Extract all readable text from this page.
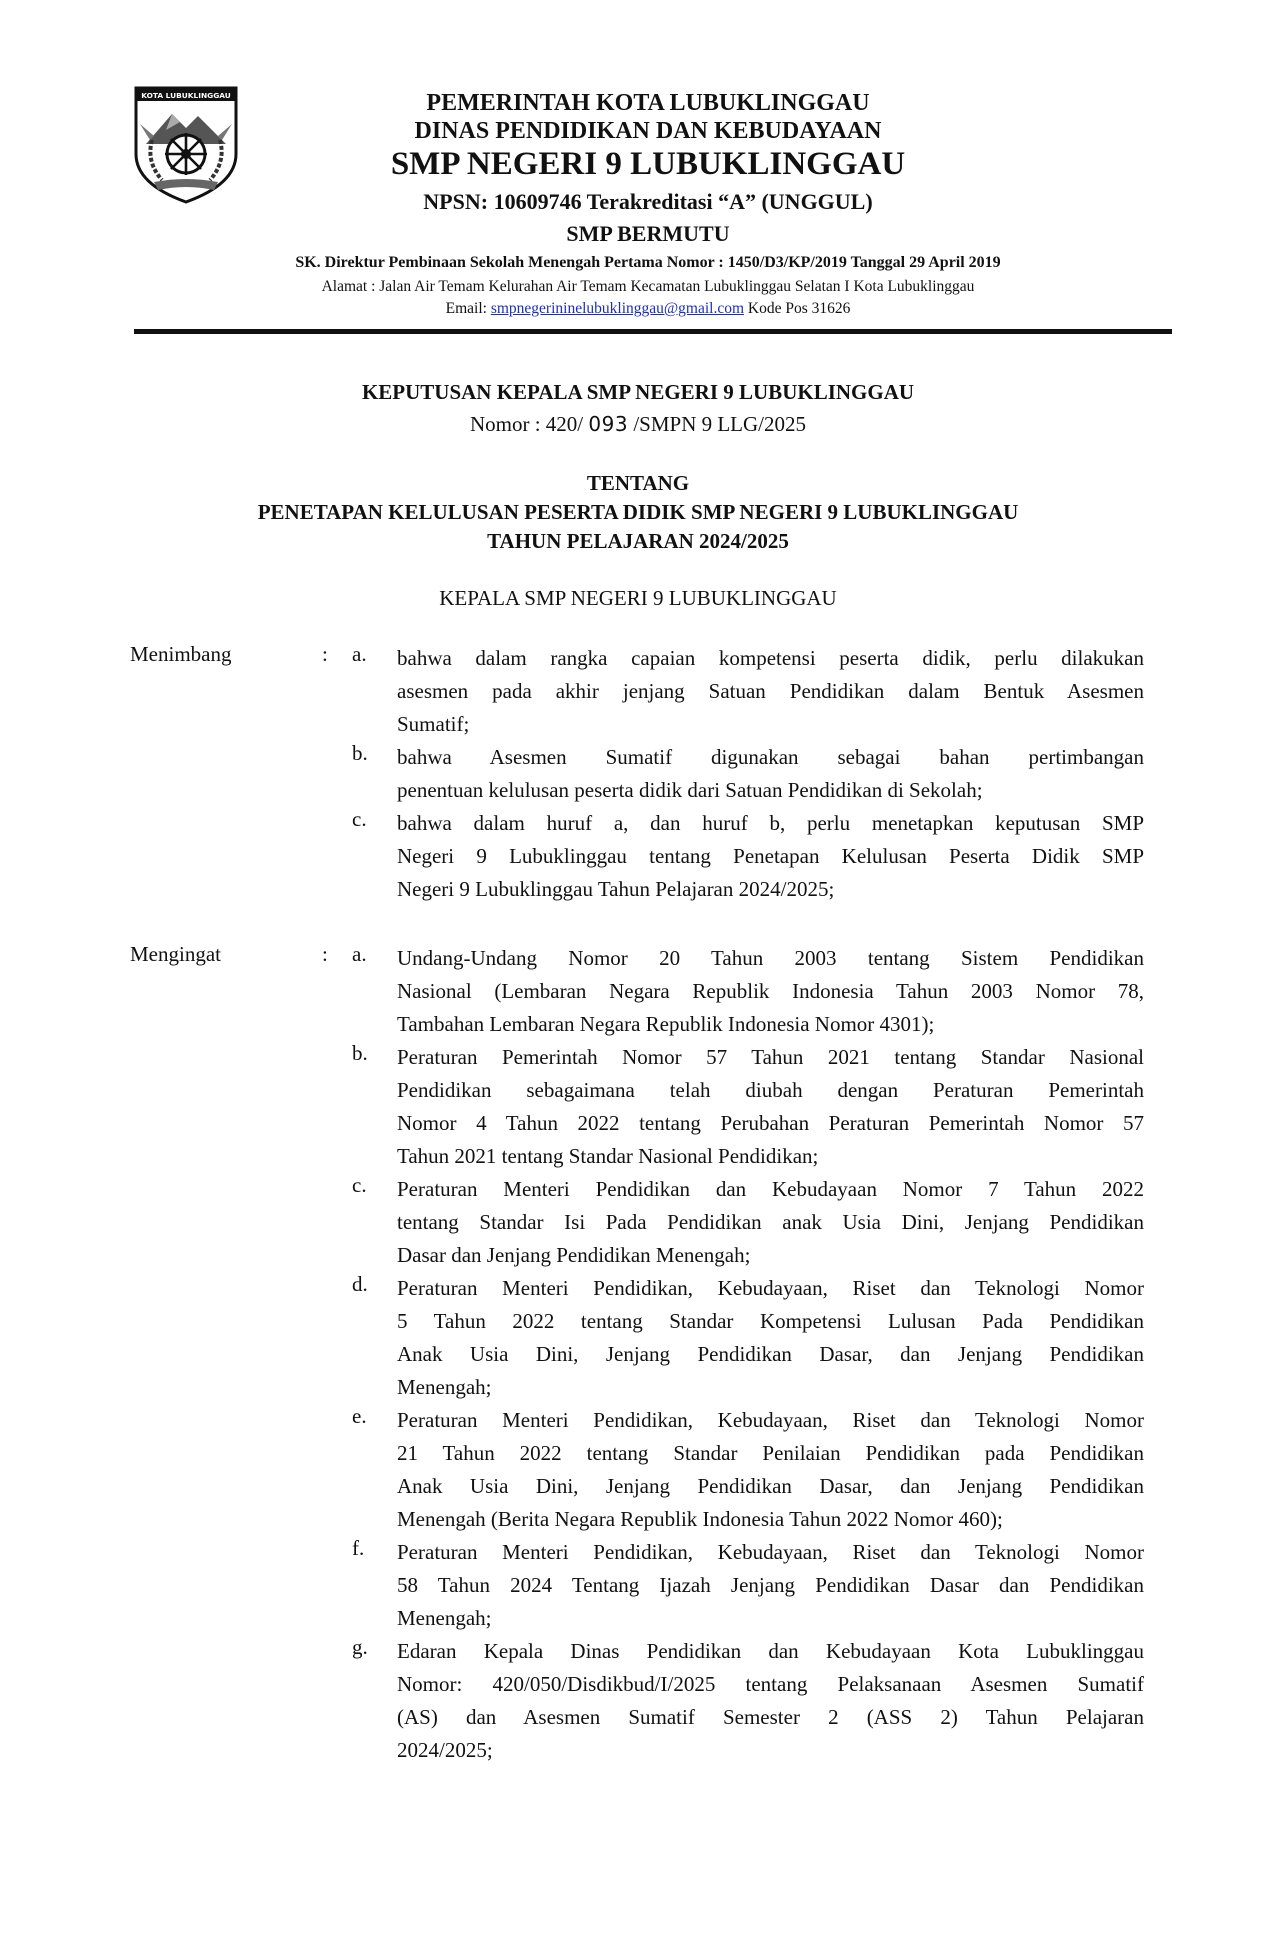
KOTA LUBUKLINGGAU	PEMERINTAH KOTA LUBUKLINGGAU
DINAS PENDIDIKAN DAN KEBUDAYAAN
SMP NEGERI 9 LUBUKLINGGAU
NPSN: 10609746 Terakreditasi “A” (UNGGUL)
SMP BERMUTU
SK. Direktur Pembinaan Sekolah Menengah Pertama Nomor : 1450/D3/KP/2019 Tanggal 29 April 2019
Alamat : Jalan Air Temam Kelurahan Air Temam Kecamatan Lubuklinggau Selatan I Kota Lubuklinggau
Email: smpnegerininelubuklinggau@gmail.com Kode Pos 31626
KEPUTUSAN KEPALA SMP NEGERI 9 LUBUKLINGGAU
Nomor : 420/ 093 /SMPN 9 LLG/2025
TENTANG
PENETAPAN KELULUSAN PESERTA DIDIK SMP NEGERI 9 LUBUKLINGGAU
TAHUN PELAJARAN 2024/2025
KEPALA SMP NEGERI 9 LUBUKLINGGAU
Menimbang	: a. bahwa dalam rangka capaian kompetensi peserta didik, perlu dilakukan
asesmen pada akhir jenjang Satuan Pendidikan dalam Bentuk Asesmen
Sumatif;
b. bahwa Asesmen Sumatif digunakan sebagai bahan pertimbangan
penentuan kelulusan peserta didik dari Satuan Pendidikan di Sekolah;
c. bahwa dalam huruf a, dan huruf b, perlu menetapkan keputusan SMP
Negeri 9 Lubuklinggau tentang Penetapan Kelulusan Peserta Didik SMP
Negeri 9 Lubuklinggau Tahun Pelajaran 2024/2025;
Mengingat	: a. Undang-Undang Nomor 20 Tahun 2003 tentang Sistem Pendidikan
Nasional (Lembaran Negara Republik Indonesia Tahun 2003 Nomor 78,
Tambahan Lembaran Negara Republik Indonesia Nomor 4301);
b. Peraturan Pemerintah Nomor 57 Tahun 2021 tentang Standar Nasional
Pendidikan sebagaimana telah diubah dengan Peraturan Pemerintah
Nomor 4 Tahun 2022 tentang Perubahan Peraturan Pemerintah Nomor 57
Tahun 2021 tentang Standar Nasional Pendidikan;
c. Peraturan Menteri Pendidikan dan Kebudayaan Nomor 7 Tahun 2022
tentang Standar Isi Pada Pendidikan anak Usia Dini, Jenjang Pendidikan
Dasar dan Jenjang Pendidikan Menengah;
d. Peraturan Menteri Pendidikan, Kebudayaan, Riset dan Teknologi Nomor
5 Tahun 2022 tentang Standar Kompetensi Lulusan Pada Pendidikan
Anak Usia Dini, Jenjang Pendidikan Dasar, dan Jenjang Pendidikan
Menengah;
e. Peraturan Menteri Pendidikan, Kebudayaan, Riset dan Teknologi Nomor
21 Tahun 2022 tentang Standar Penilaian Pendidikan pada Pendidikan
Anak Usia Dini, Jenjang Pendidikan Dasar, dan Jenjang Pendidikan
Menengah (Berita Negara Republik Indonesia Tahun 2022 Nomor 460);
f. Peraturan Menteri Pendidikan, Kebudayaan, Riset dan Teknologi Nomor
58 Tahun 2024 Tentang Ijazah Jenjang Pendidikan Dasar dan Pendidikan
Menengah;
g. Edaran Kepala Dinas Pendidikan dan Kebudayaan Kota Lubuklinggau
Nomor: 420/050/Disdikbud/I/2025 tentang Pelaksanaan Asesmen Sumatif
(AS) dan Asesmen Sumatif Semester 2 (ASS 2) Tahun Pelajaran
2024/2025;
